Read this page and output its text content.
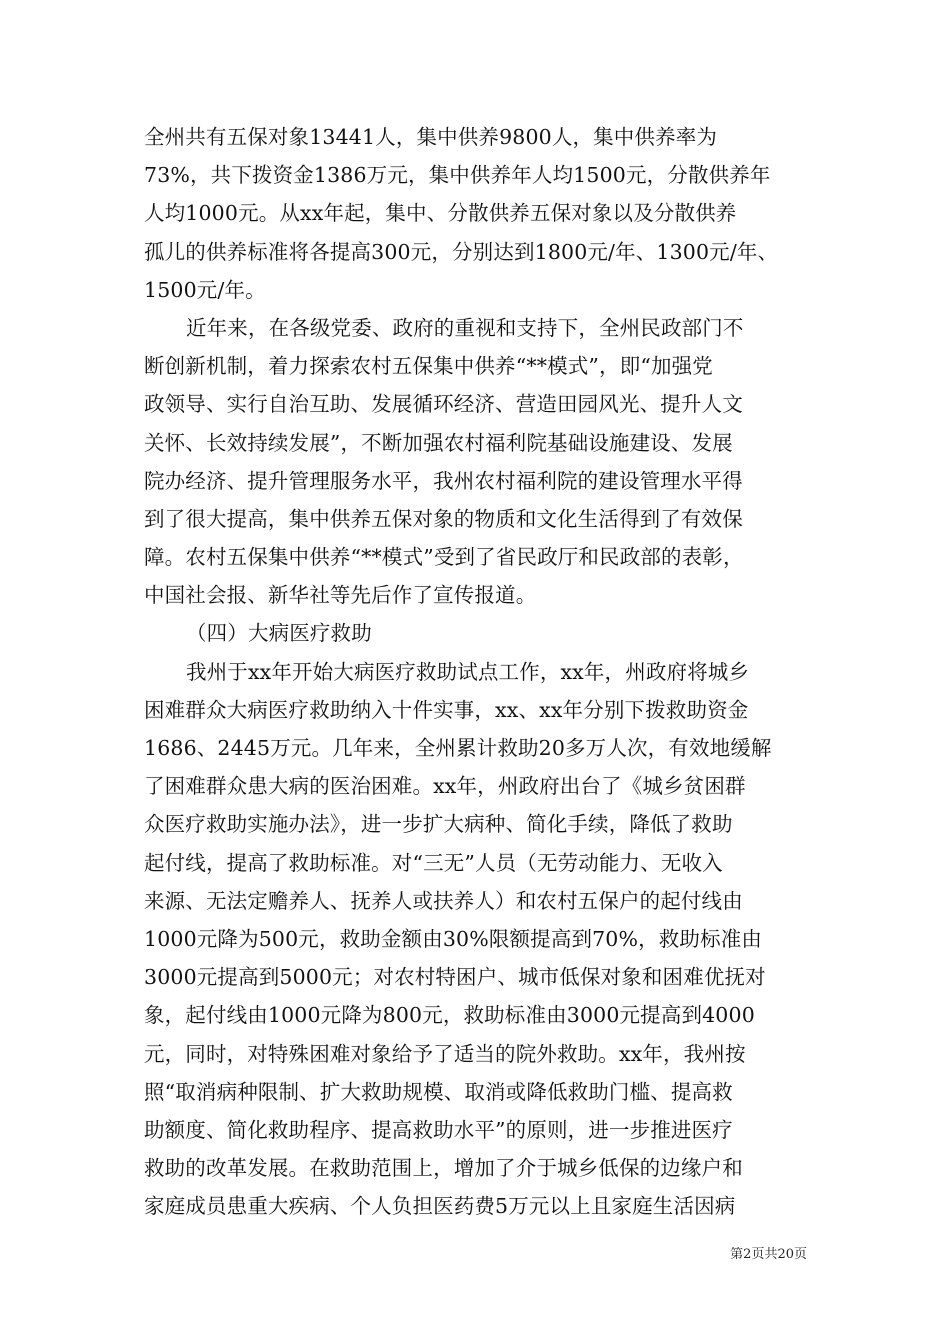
全州共有五保对象13441人，集中供养9800人，集中供养率为
73%，共下拨资金1386万元，集中供养年人均1500元，分散供养年
人均1000元。从xx年起，集中、分散供养五保对象以及分散供养
孤儿的供养标准将各提高300元，分别达到1800元/年、1300元/年、
1500元/年。
近年来，在各级党委、政府的重视和支持下，全州民政部门不
断创新机制，着力探索农村五保集中供养“**模式”，即“加强党
政领导、实行自治互助、发展循环经济、营造田园风光、提升人文
关怀、长效持续发展”，不断加强农村福利院基础设施建设、发展
院办经济、提升管理服务水平，我州农村福利院的建设管理水平得
到了很大提高，集中供养五保对象的物质和文化生活得到了有效保
障。农村五保集中供养“**模式”受到了省民政厅和民政部的表彰，
中国社会报、新华社等先后作了宣传报道。
（四）大病医疗救助
我州于xx年开始大病医疗救助试点工作，xx年，州政府将城乡
困难群众大病医疗救助纳入十件实事，xx、xx年分别下拨救助资金
1686、2445万元。几年来，全州累计救助20多万人次，有效地缓解
了困难群众患大病的医治困难。xx年，州政府出台了《城乡贫困群
众医疗救助实施办法》，进一步扩大病种、简化手续，降低了救助
起付线，提高了救助标准。对“三无”人员（无劳动能力、无收入
来源、无法定赡养人、抚养人或扶养人）和农村五保户的起付线由
1000元降为500元，救助金额由30%限额提高到70%，救助标准由
3000元提高到5000元；对农村特困户、城市低保对象和困难优抚对
象，起付线由1000元降为800元，救助标准由3000元提高到4000
元，同时，对特殊困难对象给予了适当的院外救助。xx年，我州按
照“取消病种限制、扩大救助规模、取消或降低救助门槛、提高救
助额度、简化救助程序、提高救助水平”的原则，进一步推进医疗
救助的改革发展。在救助范围上，增加了介于城乡低保的边缘户和
家庭成员患重大疾病、个人负担医药费5万元以上且家庭生活因病
第2页共20页
